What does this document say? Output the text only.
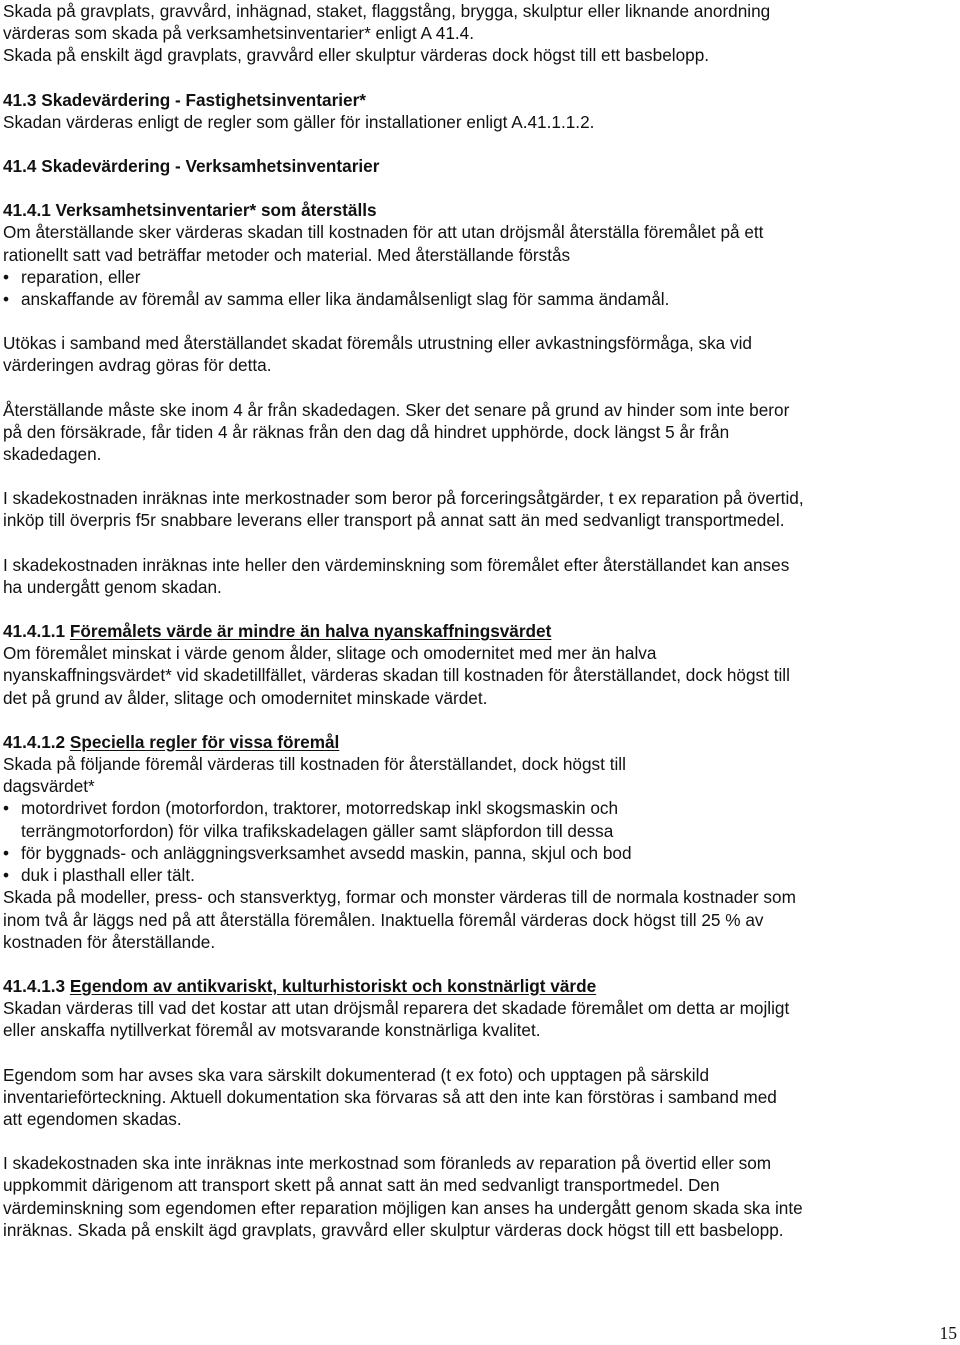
Skada på gravplats, gravvård, inhägnad, staket, flaggstång, brygga, skulptur eller liknande anordning

värderas som skada på verksamhetsinventarier* enligt A 41.4.

Skada på enskilt ägd gravplats, gravvård eller skulptur värderas dock högst till ett basbelopp.

41.3 Skadevärdering - Fastighetsinventarier*

Skadan värderas enligt de regler som gäller för installationer enligt A.41.1.1.2.

41.4 Skadevärdering - Verksamhetsinventarier

41.4.1 Verksamhetsinventarier* som återställs

Om återställande sker värderas skadan till kostnaden för att utan dröjsmål återställa föremålet på ett

rationellt satt vad beträffar metoder och material. Med återställande förstås

• reparation, eller
• anskaffande av föremål av samma eller lika ändamålsenligt slag för samma ändamål.

Utökas i samband med återställandet skadat föremåls utrustning eller avkastningsförmåga, ska vid

värderingen avdrag göras för detta.

Återställande måste ske inom 4 år från skadedagen. Sker det senare på grund av hinder som inte beror

på den försäkrade, får tiden 4 år räknas från den dag då hindret upphörde, dock längst 5 år från

skadedagen.

I skadekostnaden inräknas inte merkostnader som beror på forceringsåtgärder, t ex reparation på övertid,

inköp till överpris f5r snabbare leverans eller transport på annat satt än med sedvanligt transportmedel.

I skadekostnaden inräknas inte heller den värdeminskning som föremålet efter återställandet kan anses

ha undergått genom skadan.

41.4.1.1 Föremålets värde är mindre än halva nyanskaffningsvärdet

Om föremålet minskat i värde genom ålder, slitage och omodernitet med mer än halva

nyanskaffningsvärdet* vid skadetillfället, värderas skadan till kostnaden för återställandet, dock högst till

det på grund av ålder, slitage och omodernitet minskade värdet.

41.4.1.2 Speciella regler för vissa föremål

Skada på följande föremål värderas till kostnaden för återställandet, dock högst till

dagsvärdet*

• motordrivet fordon (motorfordon, traktorer, motorredskap inkl skogsmaskin och
terrängmotorfordon) för vilka trafikskadelagen gäller samt släpfordon till dessa
• för byggnads- och anläggningsverksamhet avsedd maskin, panna, skjul och bod
• duk i plasthall eller tält.

Skada på modeller, press- och stansverktyg, formar och monster värderas till de normala kostnader som

inom två år läggs ned på att återställa föremålen. Inaktuella föremål värderas dock högst till 25 % av

kostnaden för återställande.

41.4.1.3 Egendom av antikvariskt, kulturhistoriskt och konstnärligt värde

Skadan värderas till vad det kostar att utan dröjsmål reparera det skadade föremålet om detta ar mojligt

eller anskaffa nytillverkat föremål av motsvarande konstnärliga kvalitet.

Egendom som har avses ska vara särskilt dokumenterad (t ex foto) och upptagen på särskild

inventarieförteckning. Aktuell dokumentation ska förvaras så att den inte kan förstöras i samband med

att egendomen skadas.

I skadekostnaden ska inte inräknas inte merkostnad som föranleds av reparation på övertid eller som

uppkommit därigenom att transport skett på annat satt än med sedvanligt transportmedel. Den

värdeminskning som egendomen efter reparation möjligen kan anses ha undergått genom skada ska inte

inräknas. Skada på enskilt ägd gravplats, gravvård eller skulptur värderas dock högst till ett basbelopp.

15
